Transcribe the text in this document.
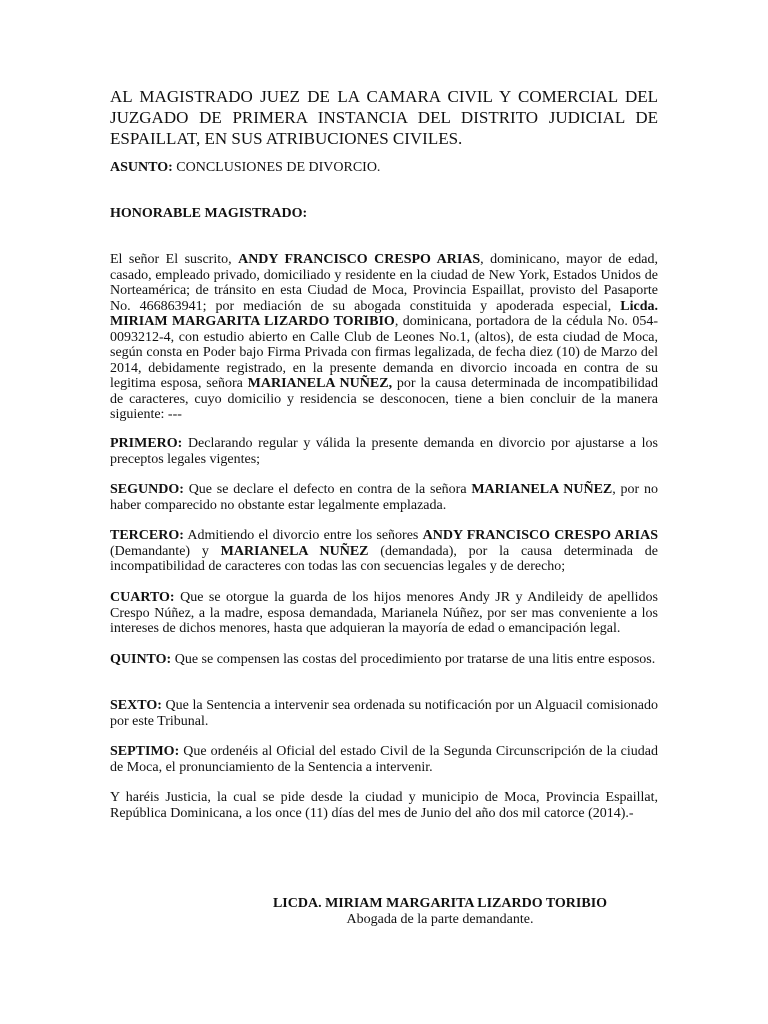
AL MAGISTRADO JUEZ DE LA CAMARA CIVIL Y COMERCIAL DEL JUZGADO DE PRIMERA INSTANCIA DEL DISTRITO JUDICIAL DE ESPAILLAT, EN SUS ATRIBUCIONES CIVILES.
ASUNTO: CONCLUSIONES DE DIVORCIO.
HONORABLE MAGISTRADO:
El señor El suscrito, ANDY FRANCISCO CRESPO ARIAS, dominicano, mayor de edad, casado, empleado privado, domiciliado y residente en la ciudad de New York, Estados Unidos de Norteamérica; de tránsito en esta Ciudad de Moca, Provincia Espaillat, provisto del Pasaporte No. 466863941; por mediación de su abogada constituida y apoderada especial, Licda. MIRIAM MARGARITA LIZARDO TORIBIO, dominicana, portadora de la cédula No. 054-0093212-4, con estudio abierto en Calle Club de Leones No.1, (altos), de esta ciudad de Moca, según consta en Poder bajo Firma Privada con firmas legalizada, de fecha diez (10) de Marzo del 2014, debidamente registrado, en la presente demanda en divorcio incoada en contra de su legitima esposa, señora MARIANELA NUÑEZ, por la causa determinada de incompatibilidad de caracteres, cuyo domicilio y residencia se desconocen, tiene a bien concluir de la manera siguiente: ---
PRIMERO: Declarando regular y válida la presente demanda en divorcio por ajustarse a los preceptos legales vigentes;
SEGUNDO: Que se declare el defecto en contra de la señora MARIANELA NUÑEZ, por no haber comparecido no obstante estar legalmente emplazada.
TERCERO: Admitiendo el divorcio entre los señores ANDY FRANCISCO CRESPO ARIAS (Demandante) y MARIANELA NUÑEZ (demandada), por la causa determinada de incompatibilidad de caracteres con todas las con secuencias legales y de derecho;
CUARTO: Que se otorgue la guarda de los hijos menores Andy JR y Andileidy de apellidos Crespo Núñez, a la madre, esposa demandada, Marianela Núñez, por ser mas conveniente a los intereses de dichos menores, hasta que adquieran la mayoría de edad o emancipación legal.
QUINTO: Que se compensen las costas del procedimiento por tratarse de una litis entre esposos.
SEXTO: Que la Sentencia a intervenir sea ordenada su notificación por un Alguacil comisionado por este Tribunal.
SEPTIMO: Que ordenéis al Oficial del estado Civil de la Segunda Circunscripción de la ciudad de Moca, el pronunciamiento de la Sentencia a intervenir.
Y haréis Justicia, la cual se pide desde la ciudad y municipio de Moca, Provincia Espaillat, República Dominicana, a los once (11) días del mes de Junio del año dos mil catorce (2014).-
LICDA. MIRIAM MARGARITA LIZARDO TORIBIO
Abogada de la parte demandante.
